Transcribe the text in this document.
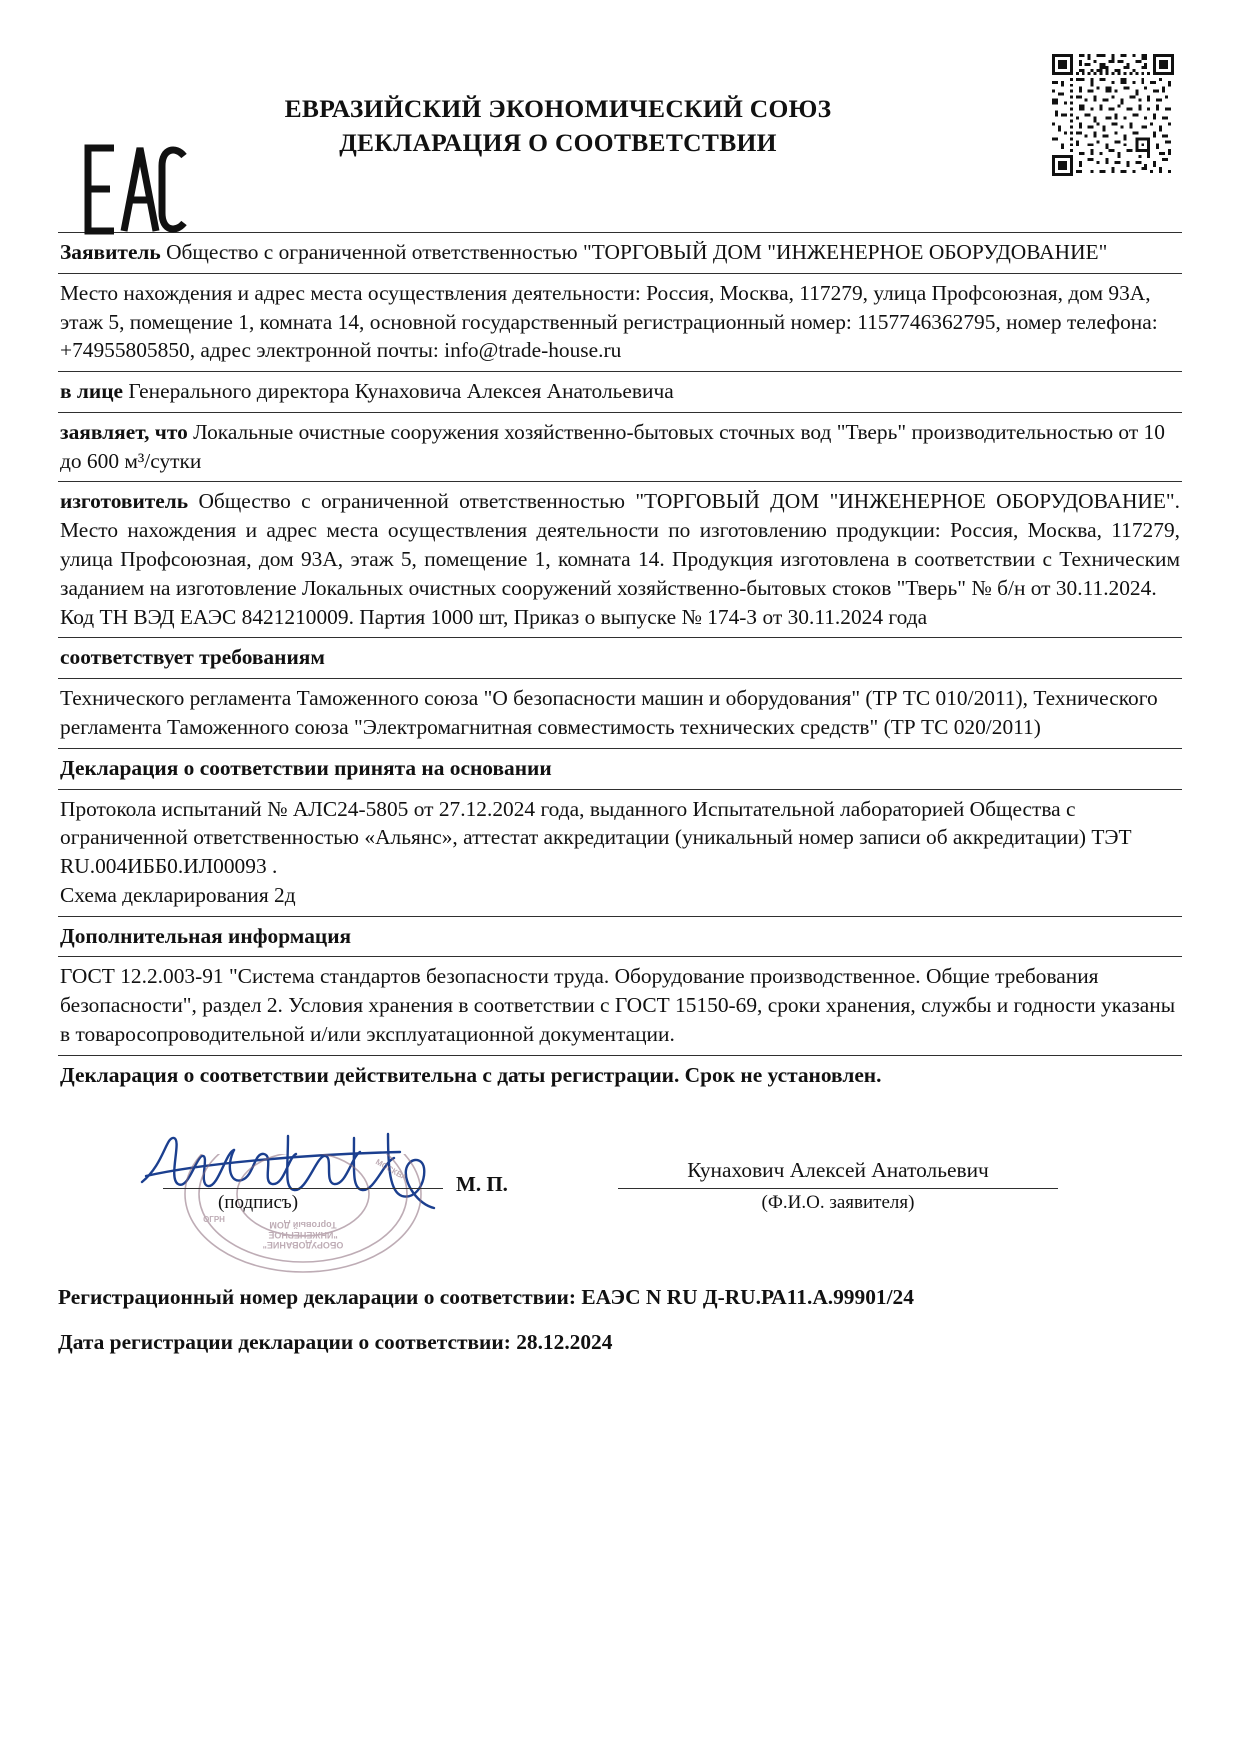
ЕВРАЗИЙСКИЙ ЭКОНОМИЧЕСКИЙ СОЮЗ
ДЕКЛАРАЦИЯ О СООТВЕТСТВИИ

Заявитель Общество с ограниченной ответственностью "ТОРГОВЫЙ ДОМ "ИНЖЕНЕРНОЕ ОБОРУДОВАНИЕ"

Место нахождения и адрес места осуществления деятельности: Россия, Москва, 117279, улица Профсоюзная, дом 93А, этаж 5, помещение 1, комната 14, основной государственный регистрационный номер: 1157746362795, номер телефона: +74955805850, адрес электронной почты: info@trade-house.ru

в лице Генерального директора Кунаховича Алексея Анатольевича

заявляет, что Локальные очистные сооружения хозяйственно-бытовых сточных вод "Тверь" производительностью от 10 до 600 м³/сутки

изготовитель Общество с ограниченной ответственностью "ТОРГОВЫЙ ДОМ "ИНЖЕНЕРНОЕ ОБОРУДОВАНИЕ". Место нахождения и адрес места осуществления деятельности по изготовлению продукции: Россия, Москва, 117279, улица Профсоюзная, дом 93А, этаж 5, помещение 1, комната 14. Продукция изготовлена в соответствии с Техническим заданием на изготовление Локальных очистных сооружений хозяйственно-бытовых стоков "Тверь" № б/н от 30.11.2024.

Код ТН ВЭД ЕАЭС 8421210009. Партия 1000 шт, Приказ о выпуске № 174-З от 30.11.2024 года

соответствует требованиям

Технического регламента Таможенного союза "О безопасности машин и оборудования" (ТР ТС 010/2011), Технического регламента Таможенного союза "Электромагнитная совместимость технических средств" (ТР ТС 020/2011)

Декларация о соответствии принята на основании

Протокола испытаний № АЛС24-5805 от 27.12.2024 года, выданного Испытательной лабораторией Общества с ограниченной ответственностью «Альянс», аттестат аккредитации (уникальный номер записи об аккредитации) ТЭТ RU.004ИББ0.ИЛ00093 .

Схема декларирования 2д

Дополнительная информация

ГОСТ 12.2.003-91 "Система стандартов безопасности труда. Оборудование производственное. Общие требования безопасности", раздел 2. Условия хранения в соответствии с ГОСТ 15150-69, сроки хранения, службы и годности указаны в товаросопроводительной и/или эксплуатационной документации.

Декларация о соответствии действительна с даты регистрации. Срок не установлен.

ОБОРУДОВАНИЕ"
"ИНЖЕНЕРНОЕ
Торговый ДОМ
ОГРН
МОСКВА
(подписъ)
М. П.
Кунахович Алексей Анатольевич
(Ф.И.О. заявителя)
Регистрационный номер декларации о соответствии: ЕАЭС N RU Д-RU.РА11.А.99901/24
Дата регистрации декларации о соответствии: 28.12.2024
